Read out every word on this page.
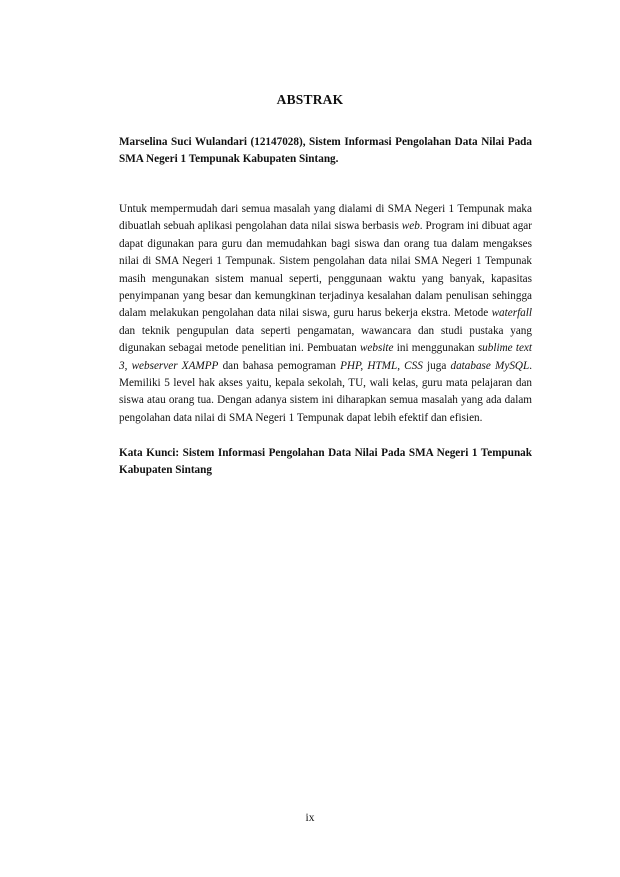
ABSTRAK
Marselina Suci Wulandari (12147028), Sistem Informasi Pengolahan Data Nilai Pada SMA Negeri 1 Tempunak Kabupaten Sintang.
Untuk mempermudah dari semua masalah yang dialami di SMA Negeri 1 Tempunak maka dibuatlah sebuah aplikasi pengolahan data nilai siswa berbasis web. Program ini dibuat agar dapat digunakan para guru dan memudahkan bagi siswa dan orang tua dalam mengakses nilai di SMA Negeri 1 Tempunak. Sistem pengolahan data nilai SMA Negeri 1 Tempunak masih mengunakan sistem manual seperti, penggunaan waktu yang banyak, kapasitas penyimpanan yang besar dan kemungkinan terjadinya kesalahan dalam penulisan sehingga dalam melakukan pengolahan data nilai siswa, guru harus bekerja ekstra. Metode waterfall dan teknik pengupulan data seperti pengamatan, wawancara dan studi pustaka yang digunakan sebagai metode penelitian ini. Pembuatan website ini menggunakan sublime text 3, webserver XAMPP dan bahasa pemograman PHP, HTML, CSS juga database MySQL. Memiliki 5 level hak akses yaitu, kepala sekolah, TU, wali kelas, guru mata pelajaran dan siswa atau orang tua. Dengan adanya sistem ini diharapkan semua masalah yang ada dalam pengolahan data nilai di SMA Negeri 1 Tempunak dapat lebih efektif dan efisien.
Kata Kunci: Sistem Informasi Pengolahan Data Nilai Pada SMA Negeri 1 Tempunak Kabupaten Sintang
ix
